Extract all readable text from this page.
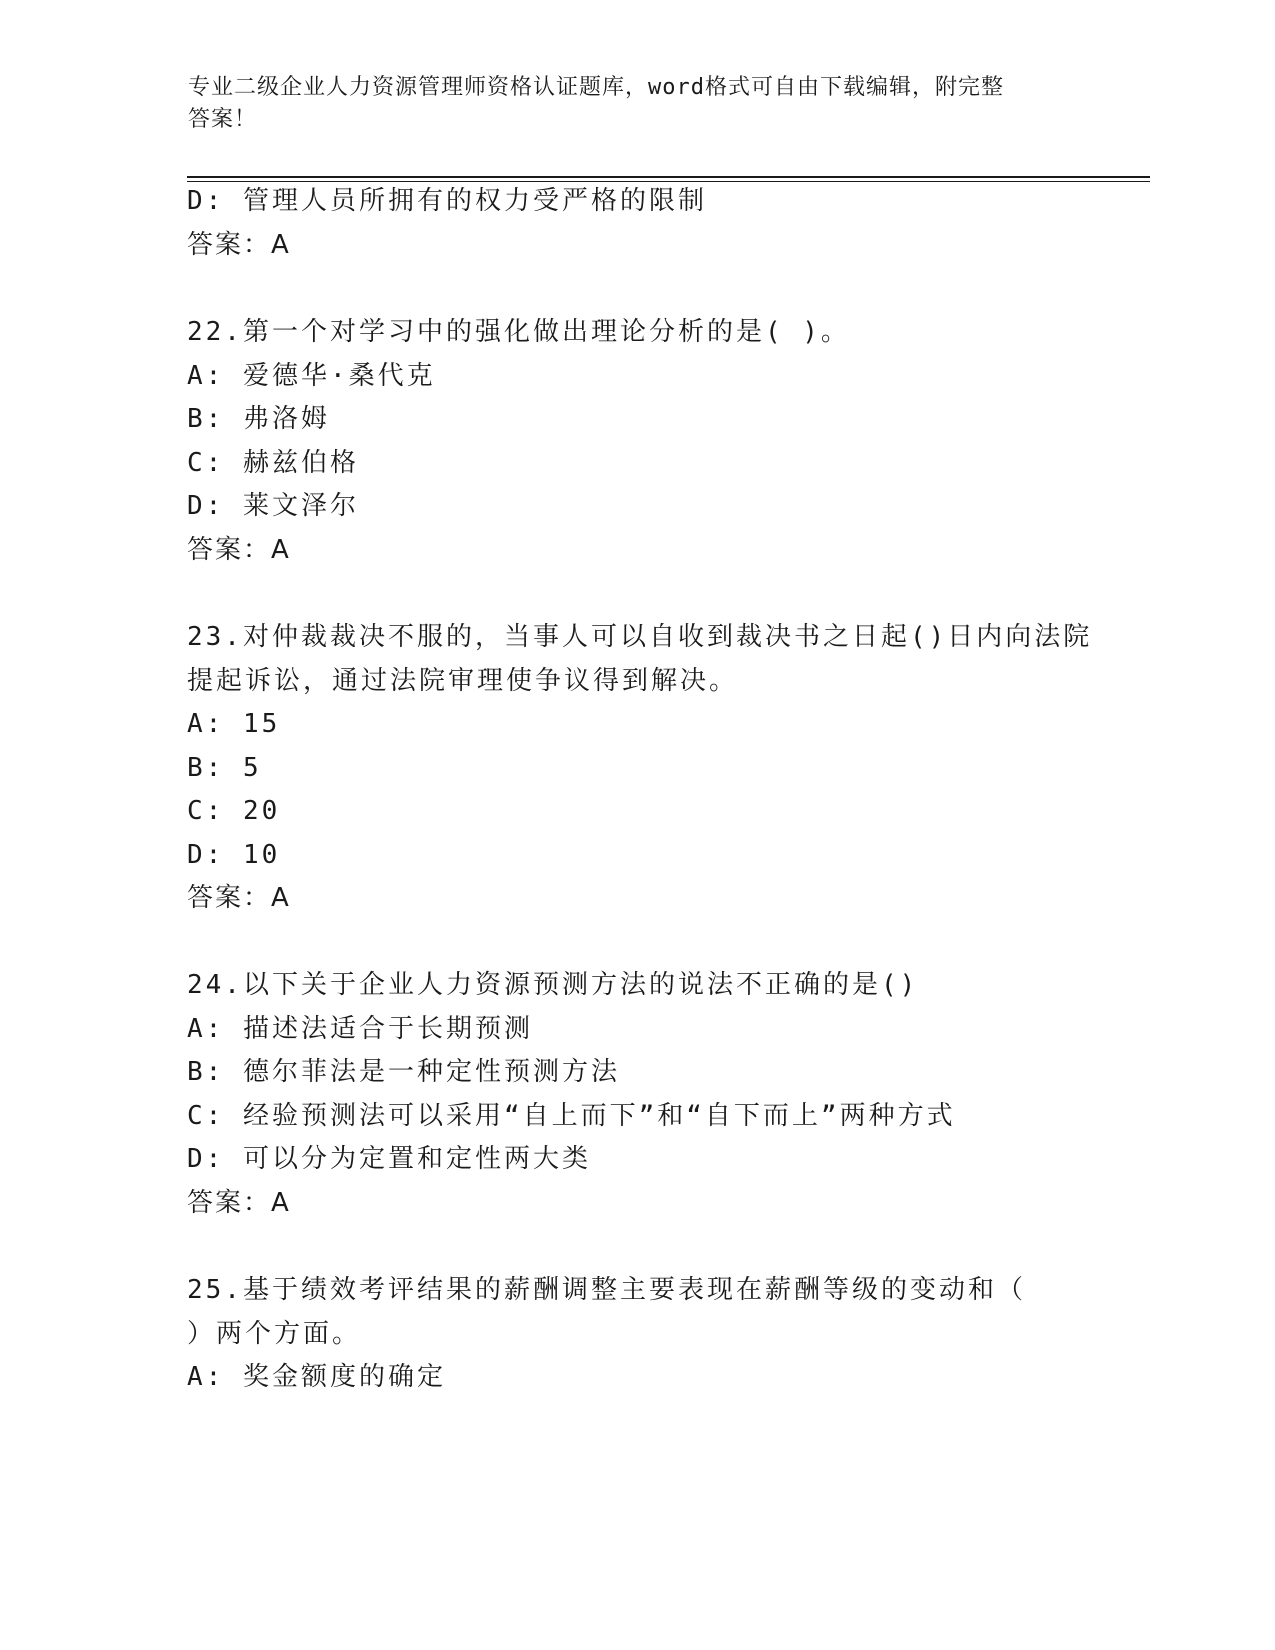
专业二级企业人力资源管理师资格认证题库，word格式可自由下载编辑，附完整
答案！
D: 管理人员所拥有的权力受严格的限制
答案：A
22.第一个对学习中的强化做出理论分析的是( )。
A: 爱德华·桑代克
B: 弗洛姆
C: 赫兹伯格
D: 莱文泽尔
答案：A
23.对仲裁裁决不服的，当事人可以自收到裁决书之日起()日内向法院
提起诉讼，通过法院审理使争议得到解决。
A: 15
B: 5
C: 20
D: 10
答案：A
24.以下关于企业人力资源预测方法的说法不正确的是()
A: 描述法适合于长期预测
B: 德尔菲法是一种定性预测方法
C: 经验预测法可以采用“自上而下”和“自下而上”两种方式
D: 可以分为定置和定性两大类
答案：A
25.基于绩效考评结果的薪酬调整主要表现在薪酬等级的变动和（
）两个方面。
A: 奖金额度的确定
